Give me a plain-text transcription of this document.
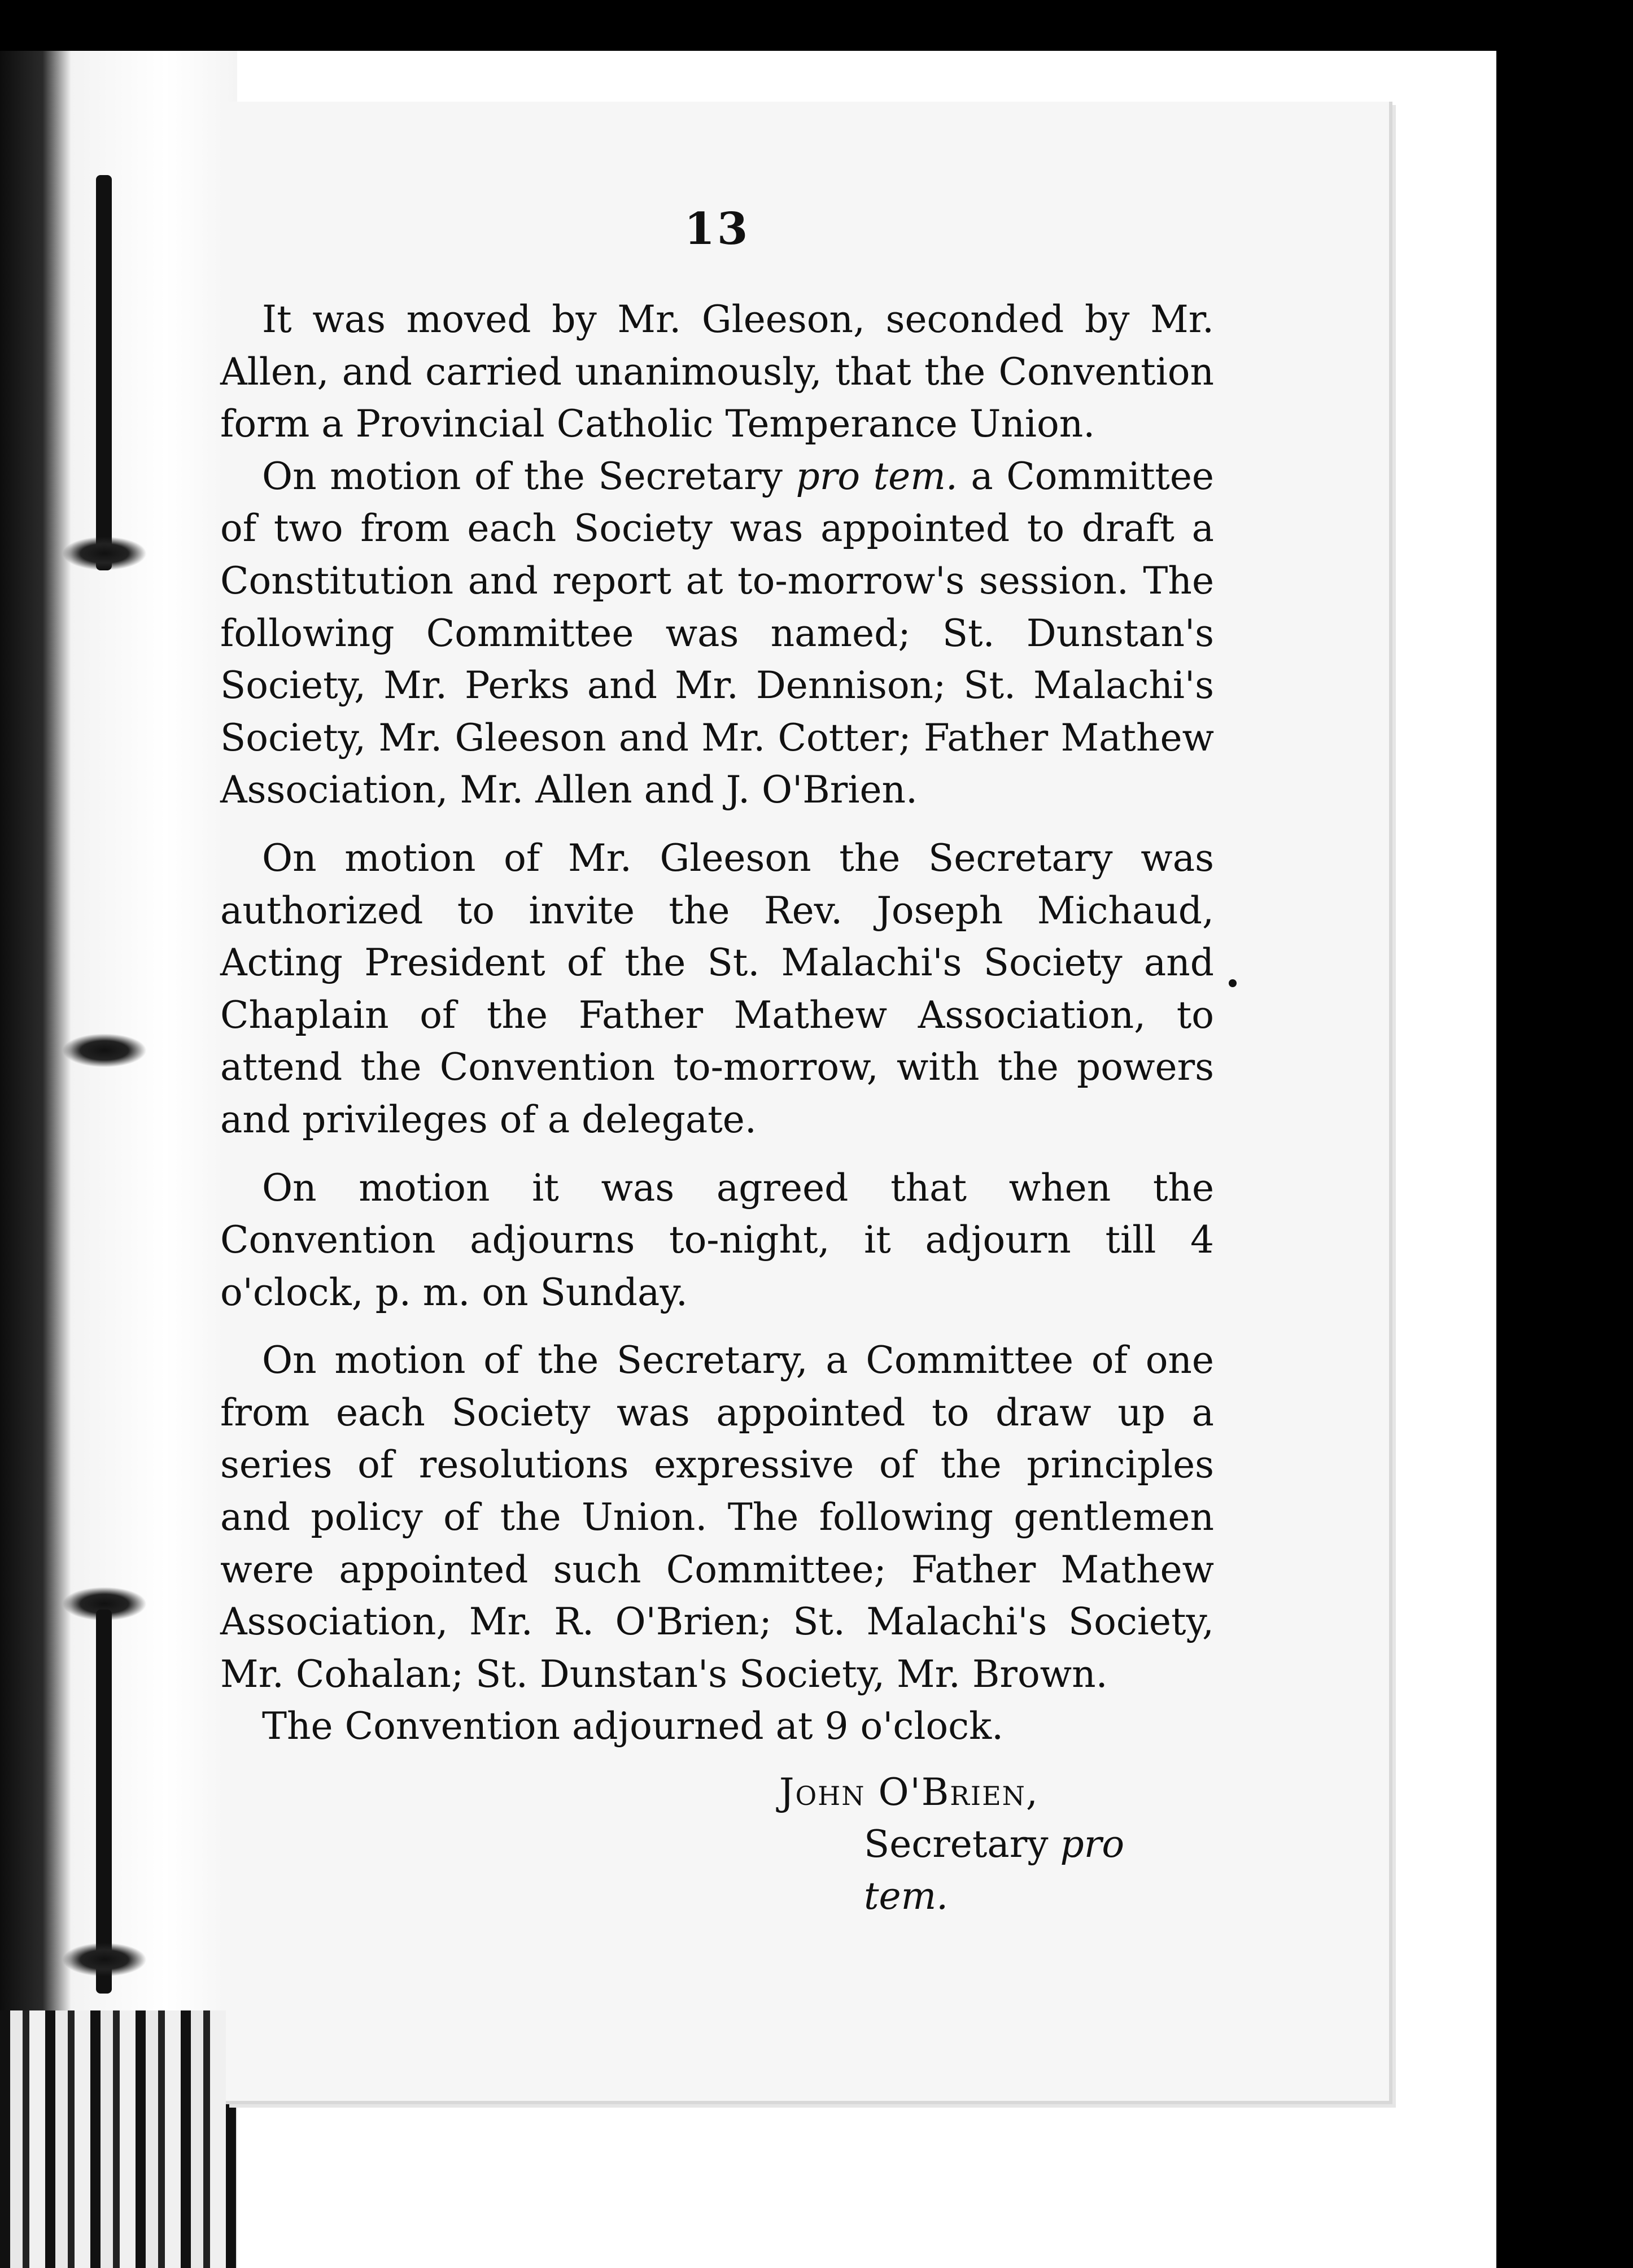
13

It was moved by Mr. Gleeson, seconded by Mr. Allen, and carried unanimously, that the Convention form a Provincial Catholic Temperance Union.

On motion of the Secretary pro tem. a Committee of two from each Society was appointed to draft a Constitution and report at to-morrow's session. The following Committee was named; St. Dunstan's Society, Mr. Perks and Mr. Dennison; St. Malachi's Society, Mr. Gleeson and Mr. Cotter; Father Mathew Association, Mr. Allen and J. O'Brien.

On motion of Mr. Gleeson the Secretary was authorized to invite the Rev. Joseph Michaud, Acting President of the St. Malachi's Society and Chaplain of the Father Mathew Association, to attend the Convention to-morrow, with the powers and privileges of a delegate.

On motion it was agreed that when the Convention adjourns to-night, it adjourn till 4 o'clock, p. m. on Sunday.

On motion of the Secretary, a Committee of one from each Society was appointed to draw up a series of resolutions expressive of the principles and policy of the Union. The following gentlemen were appointed such Committee; Father Mathew Association, Mr. R. O'Brien; St. Malachi's Society, Mr. Cohalan; St. Dunstan's Society, Mr. Brown.

The Convention adjourned at 9 o'clock.

John O'Brien,
Secretary pro tem.
